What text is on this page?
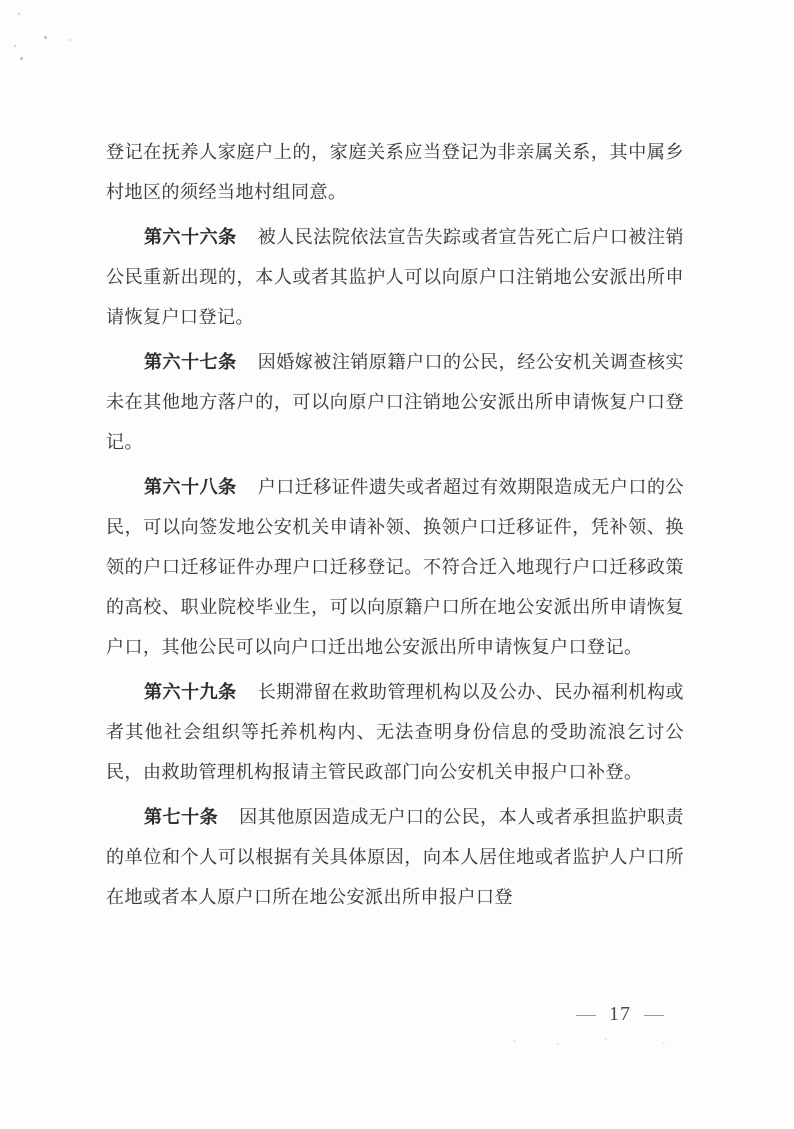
登记在抚养人家庭户上的，家庭关系应当登记为非亲属关系，其中属乡村地区的须经当地村组同意。

第六十六条 被人民法院依法宣告失踪或者宣告死亡后户口被注销公民重新出现的，本人或者其监护人可以向原户口注销地公安派出所申请恢复户口登记。

第六十七条 因婚嫁被注销原籍户口的公民，经公安机关调查核实未在其他地方落户的，可以向原户口注销地公安派出所申请恢复户口登记。

第六十八条 户口迁移证件遗失或者超过有效期限造成无户口的公民，可以向签发地公安机关申请补领、换领户口迁移证件，凭补领、换领的户口迁移证件办理户口迁移登记。不符合迁入地现行户口迁移政策的高校、职业院校毕业生，可以向原籍户口所在地公安派出所申请恢复户口，其他公民可以向户口迁出地公安派出所申请恢复户口登记。

第六十九条 长期滞留在救助管理机构以及公办、民办福利机构或者其他社会组织等托养机构内、无法查明身份信息的受助流浪乞讨公民，由救助管理机构报请主管民政部门向公安机关申报户口补登。

第七十条 因其他原因造成无户口的公民，本人或者承担监护职责的单位和个人可以根据有关具体原因，向本人居住地或者监护人户口所在地或者本人原户口所在地公安派出所申报户口登

— 17 —
